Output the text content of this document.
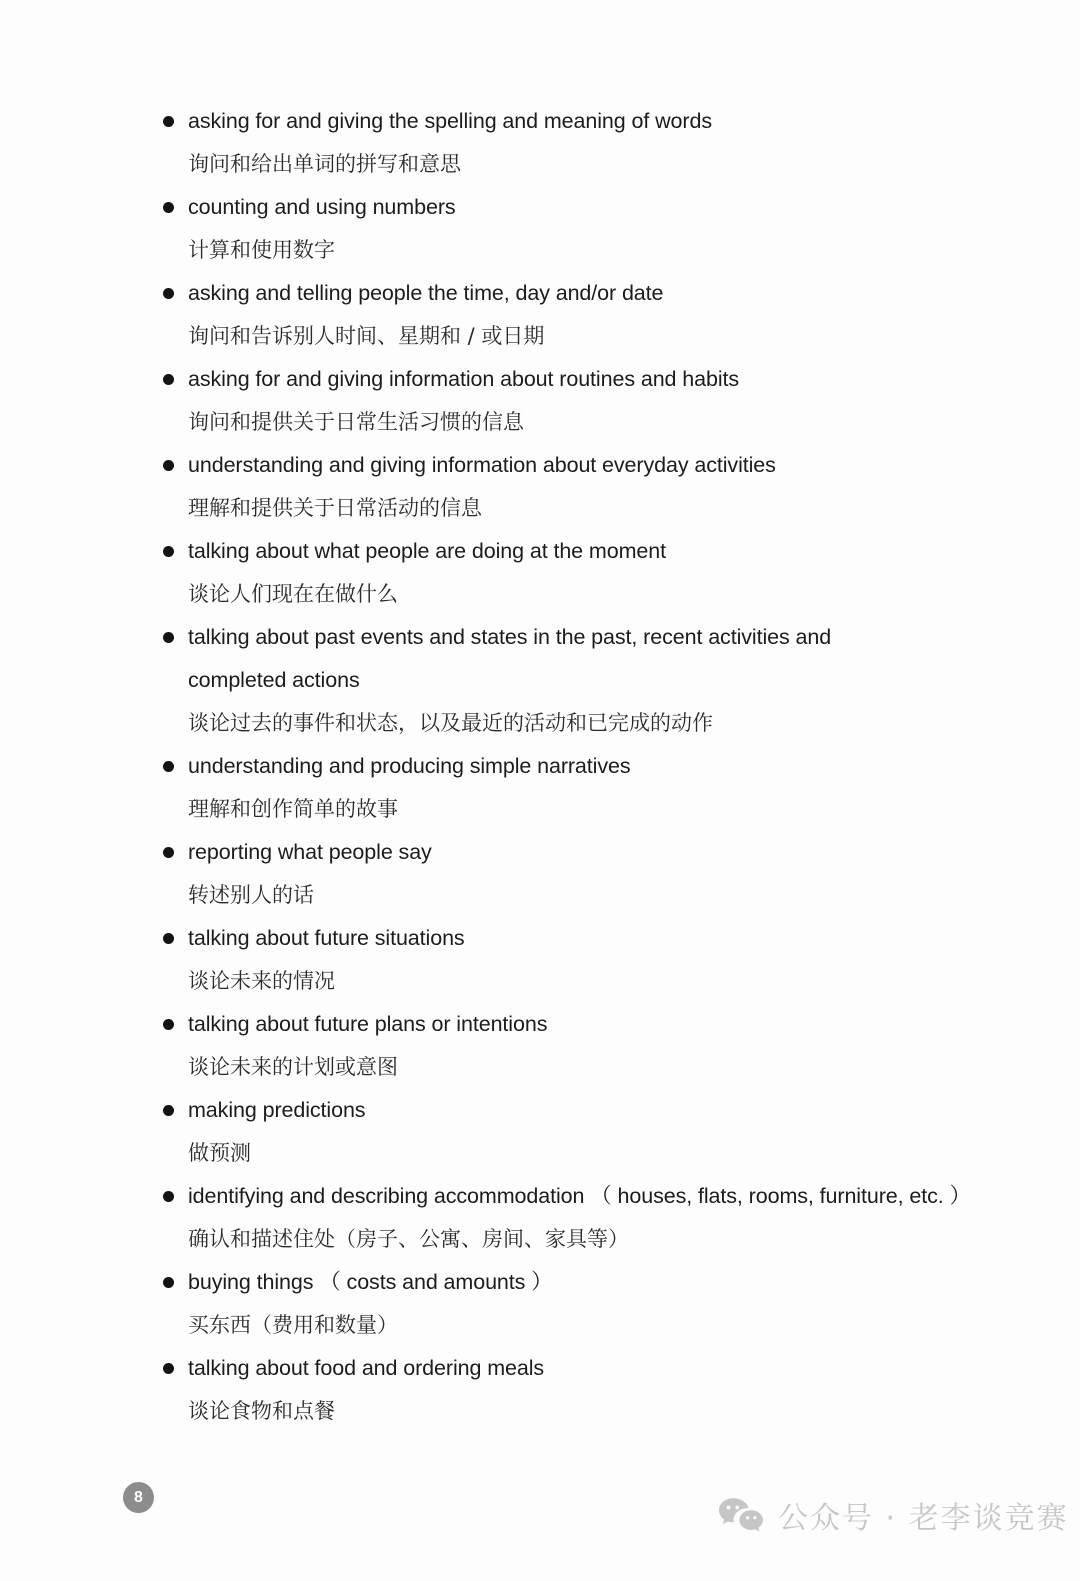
asking for and giving the spelling and meaning of words
询问和给出单词的拼写和意思
counting and using numbers
计算和使用数字
asking and telling people the time, day and/or date
询问和告诉别人时间、星期和 / 或日期
asking for and giving information about routines and habits
询问和提供关于日常生活习惯的信息
understanding and giving information about everyday activities
理解和提供关于日常活动的信息
talking about what people are doing at the moment
谈论人们现在在做什么
talking about past events and states in the past, recent activities and
completed actions
谈论过去的事件和状态，以及最近的活动和已完成的动作
understanding and producing simple narratives
理解和创作简单的故事
reporting what people say
转述别人的话
talking about future situations
谈论未来的情况
talking about future plans or intentions
谈论未来的计划或意图
making predictions
做预测
identifying and describing accommodation （ houses, flats, rooms, furniture, etc. ）
确认和描述住处（房子、公寓、房间、家具等）
buying things （ costs and amounts ）
买东西（费用和数量）
talking about food and ordering meals
谈论食物和点餐
8
公众号 · 老李谈竞赛
